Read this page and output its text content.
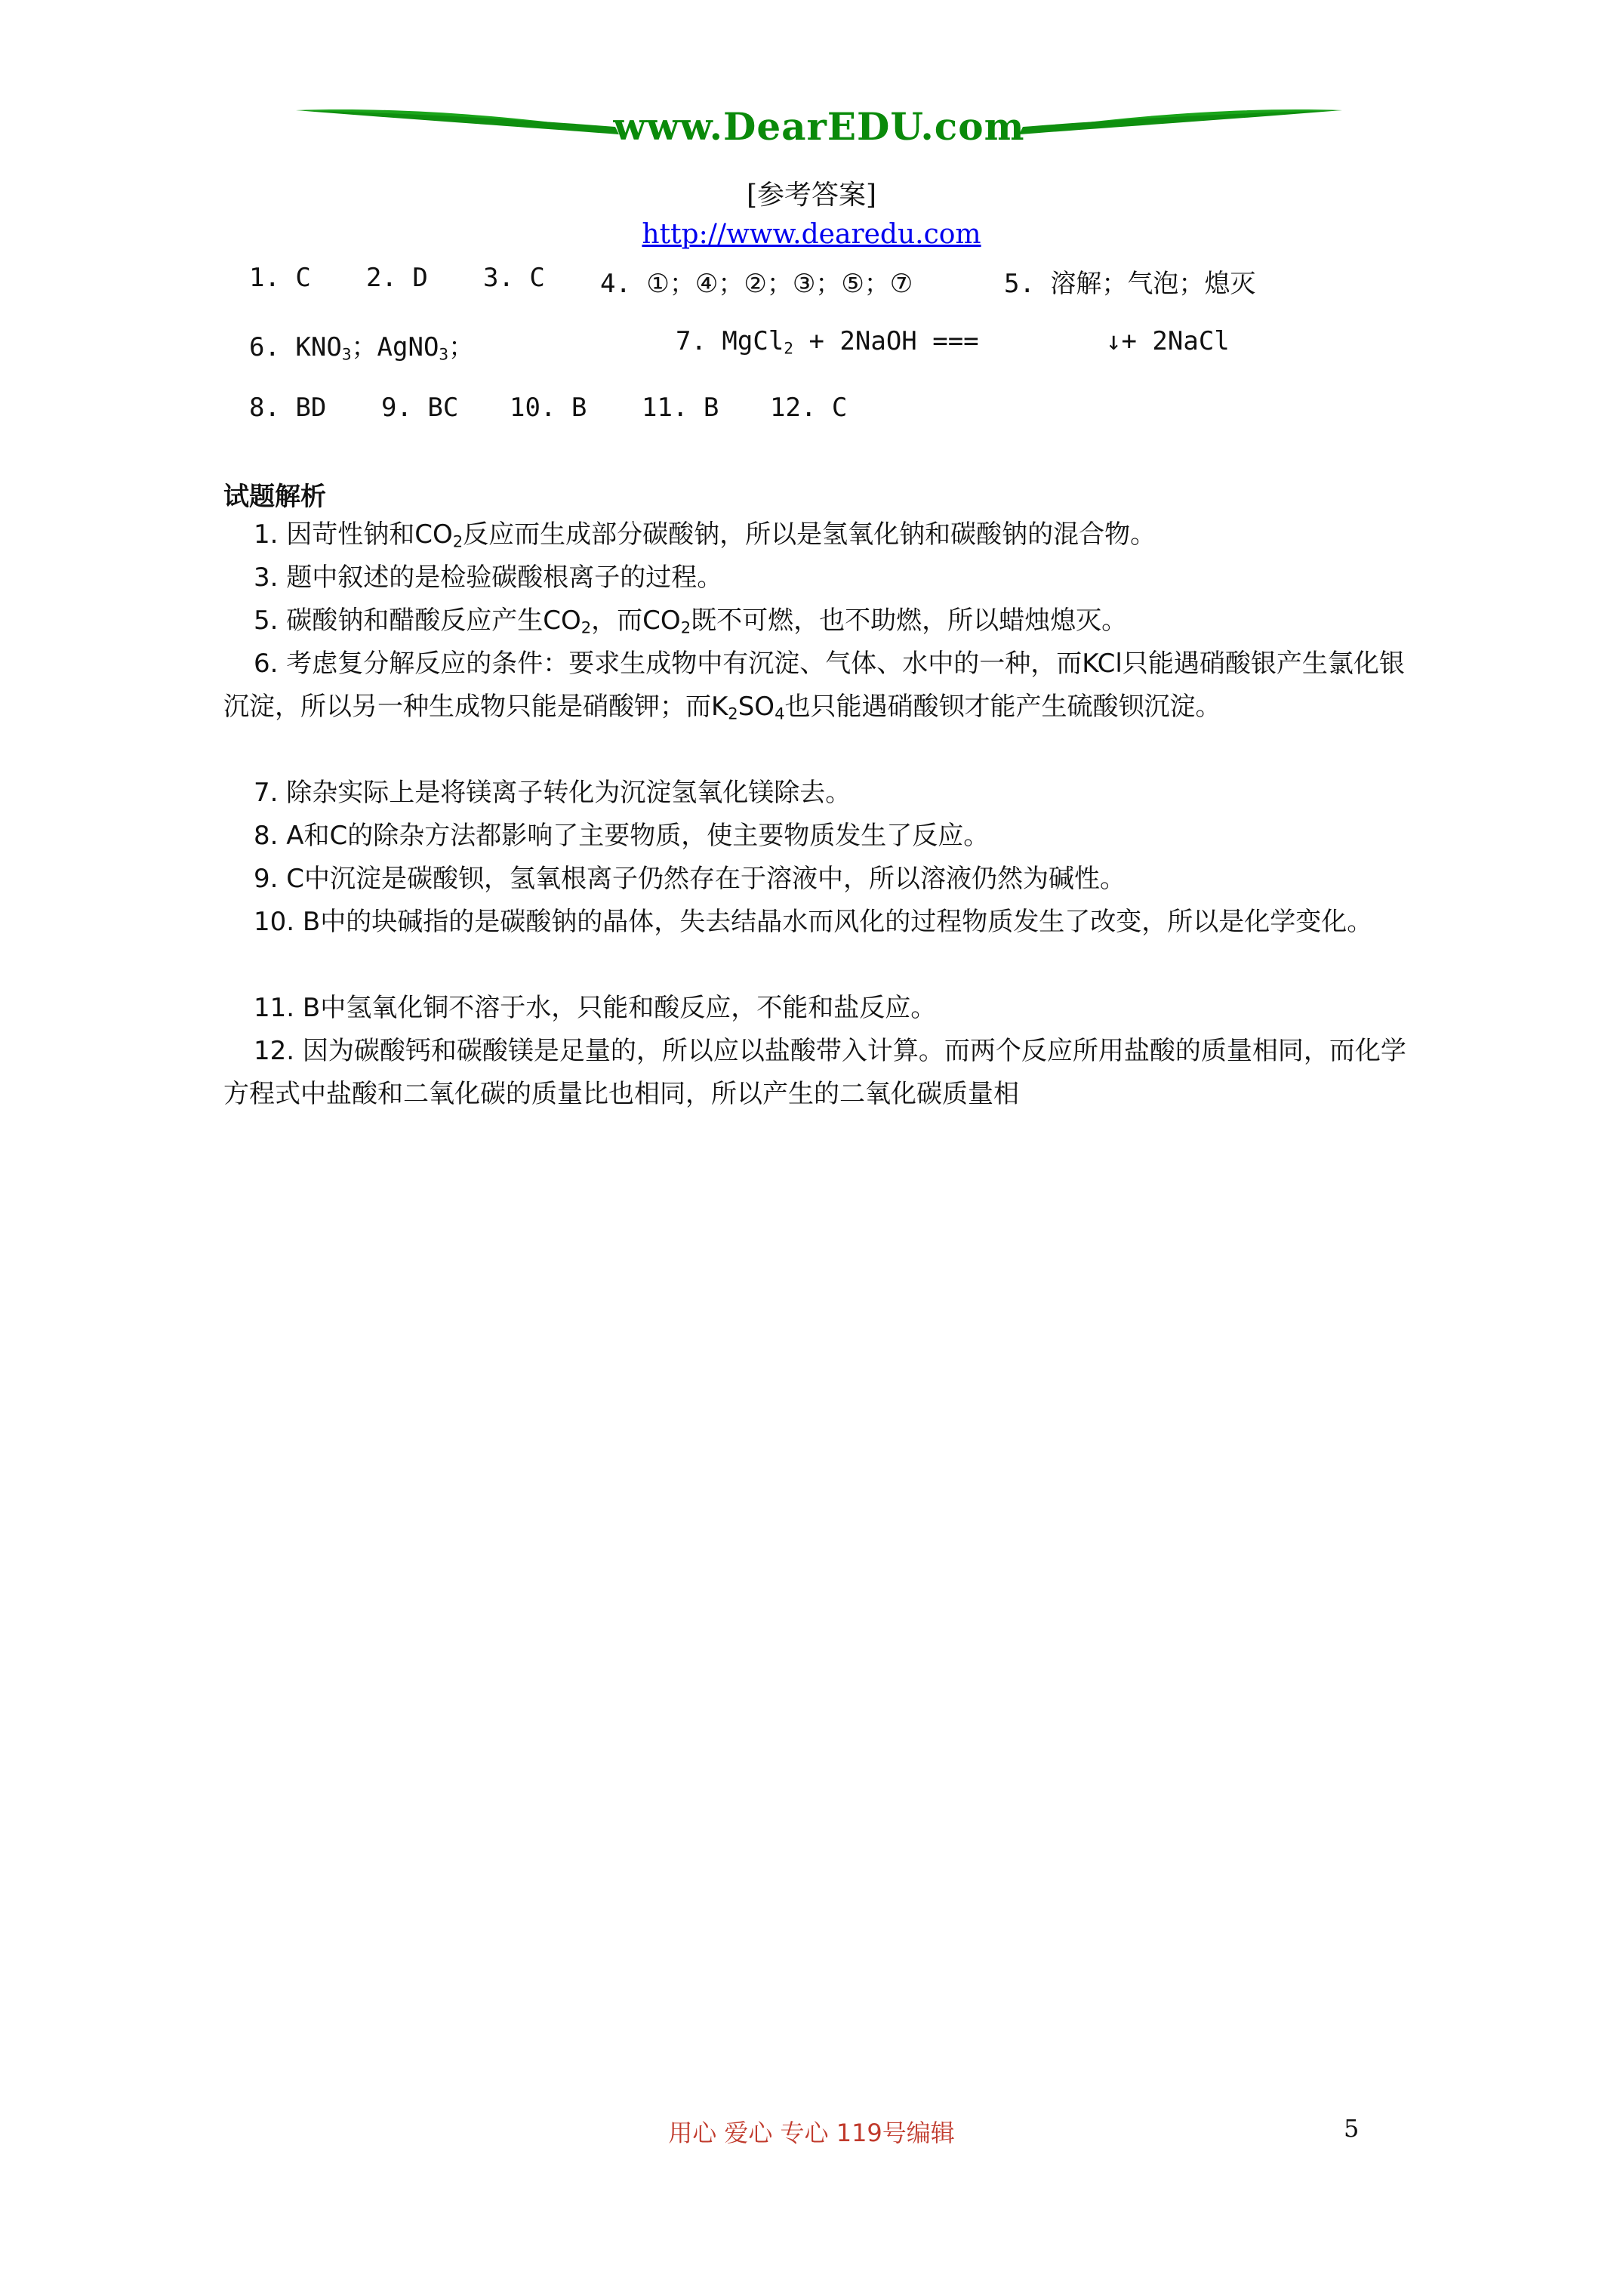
www.DearEDU.com
[参考答案]
http://www.dearedu.com
1. C 2. D 3. C 4. ①；④；②；③；⑤；⑦	5. 溶解；气泡；熄灭
6. $KNO_3$；AgNO$_3$；	7. MgCl$_2$ + 2NaOH ===	↓+ 2NaCl
8. BD 9. BC 10. B 11. B 12. C
试题解析
1. 因苛性钠和$CO_2$反应而生成部分碳酸钠，所以是氢氧化钠和碳酸钠的混合物。
3. 题中叙述的是检验碳酸根离子的过程。
5. 碳酸钠和醋酸反应产生$CO_2$，而$CO_2$既不可燃，也不助燃，所以蜡烛熄灭。
6. 考虑复分解反应的条件：要求生成物中有沉淀、气体、水中的一种，而KCl只能遇硝酸银产生氯化银沉淀，所以另一种生成物只能是硝酸钾；而$K_2SO_4$也只能遇硝酸钡才能产生硫酸钡沉淀。
7. 除杂实际上是将镁离子转化为沉淀氢氧化镁除去。
8. A和C的除杂方法都影响了主要物质，使主要物质发生了反应。
9. C中沉淀是碳酸钡，氢氧根离子仍然存在于溶液中，所以溶液仍然为碱性。
10. B中的块碱指的是碳酸钠的晶体，失去结晶水而风化的过程物质发生了改变，所以是化学变化。
11. B中氢氧化铜不溶于水，只能和酸反应，不能和盐反应。
12. 因为碳酸钙和碳酸镁是足量的，所以应以盐酸带入计算。而两个反应所用盐酸的质量相同，而化学方程式中盐酸和二氧化碳的质量比也相同，所以产生的二氧化碳质量相
用心 爱心 专心 119号编辑	5
